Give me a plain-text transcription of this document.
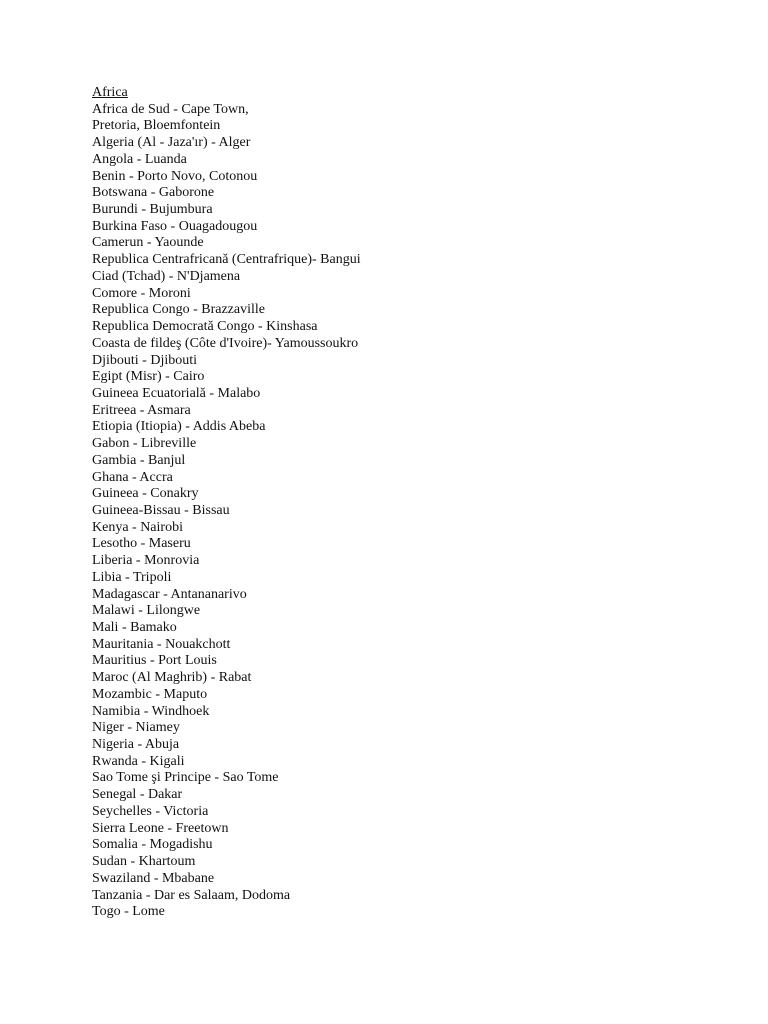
Africa
Africa de Sud - Cape Town,
Pretoria, Bloemfontein
Algeria (Al - Jaza'ır) - Alger
Angola - Luanda
Benin - Porto Novo, Cotonou
Botswana - Gaborone
Burundi - Bujumbura
Burkina Faso - Ouagadougou
Camerun - Yaounde
Republica Centrafricană (Centrafrique)- Bangui
Ciad (Tchad) - N'Djamena
Comore - Moroni
Republica Congo - Brazzaville
Republica Democrată Congo - Kinshasa
Coasta de fildeş (Côte d'Ivoire)- Yamoussoukro
Djibouti - Djibouti
Egipt (Misr) - Cairo
Guineea Ecuatorială - Malabo
Eritreea - Asmara
Etiopia (Itiopia) - Addis Abeba
Gabon - Libreville
Gambia - Banjul
Ghana - Accra
Guineea - Conakry
Guineea-Bissau - Bissau
Kenya - Nairobi
Lesotho - Maseru
Liberia - Monrovia
Libia - Tripoli
Madagascar - Antananarivo
Malawi - Lilongwe
Mali - Bamako
Mauritania - Nouakchott
Mauritius - Port Louis
Maroc (Al Maghrib) - Rabat
Mozambic - Maputo
Namibia - Windhoek
Niger - Niamey
Nigeria - Abuja
Rwanda - Kigali
Sao Tome şi Principe - Sao Tome
Senegal - Dakar
Seychelles - Victoria
Sierra Leone - Freetown
Somalia - Mogadishu
Sudan - Khartoum
Swaziland - Mbabane
Tanzania - Dar es Salaam, Dodoma
Togo - Lome
